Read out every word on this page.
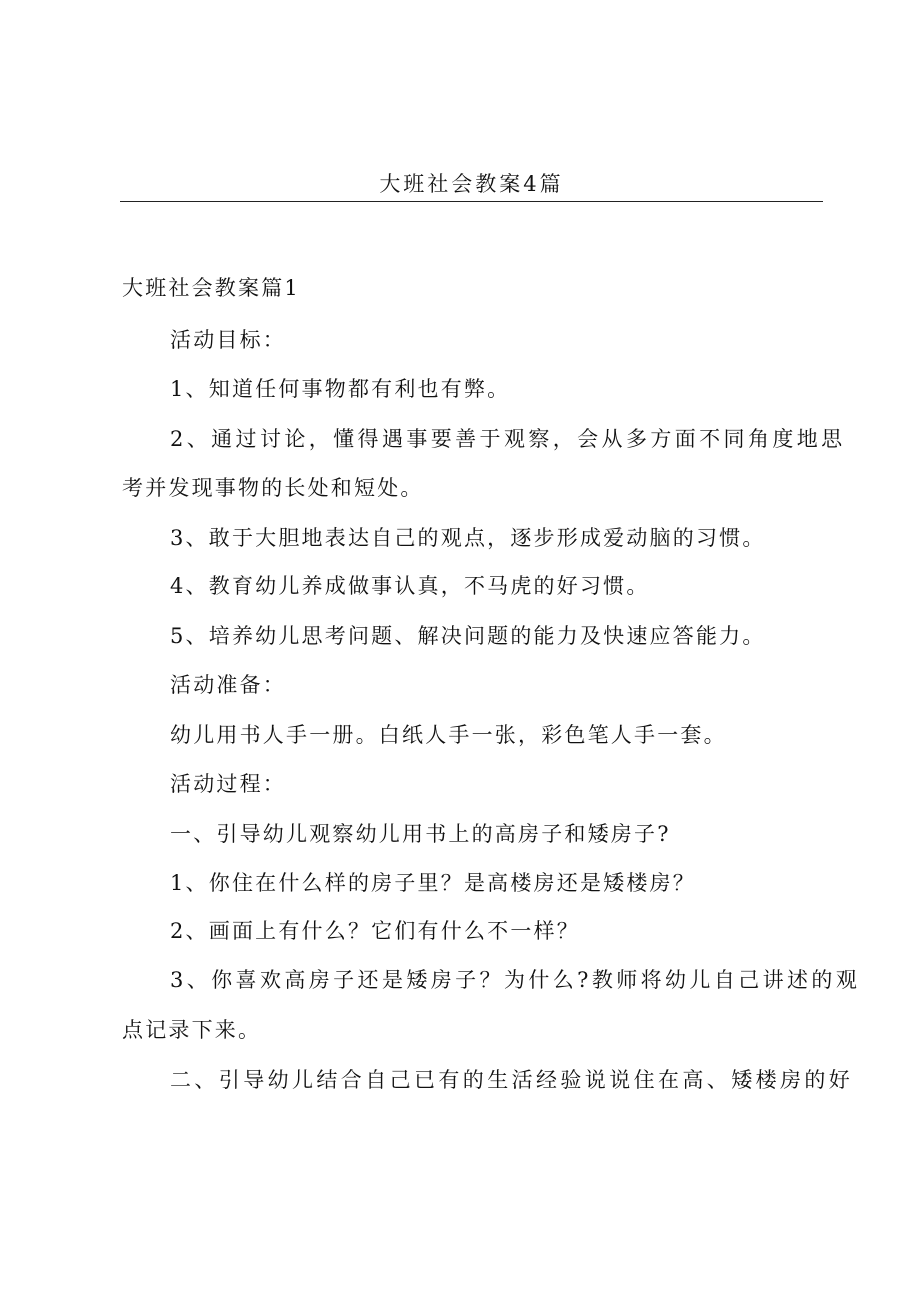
大班社会教案4篇
大班社会教案篇1
活动目标：
1、知道任何事物都有利也有弊。
2、通过讨论，懂得遇事要善于观察，会从多方面不同角度地思
考并发现事物的长处和短处。
3、敢于大胆地表达自己的观点，逐步形成爱动脑的习惯。
4、教育幼儿养成做事认真，不马虎的好习惯。
5、培养幼儿思考问题、解决问题的能力及快速应答能力。
活动准备：
幼儿用书人手一册。白纸人手一张，彩色笔人手一套。
活动过程：
一、引导幼儿观察幼儿用书上的高房子和矮房子?
1、你住在什么样的房子里？是高楼房还是矮楼房？
2、画面上有什么？它们有什么不一样？
3、你喜欢高房子还是矮房子？为什么?教师将幼儿自己讲述的观
点记录下来。
二、引导幼儿结合自己已有的生活经验说说住在高、矮楼房的好
